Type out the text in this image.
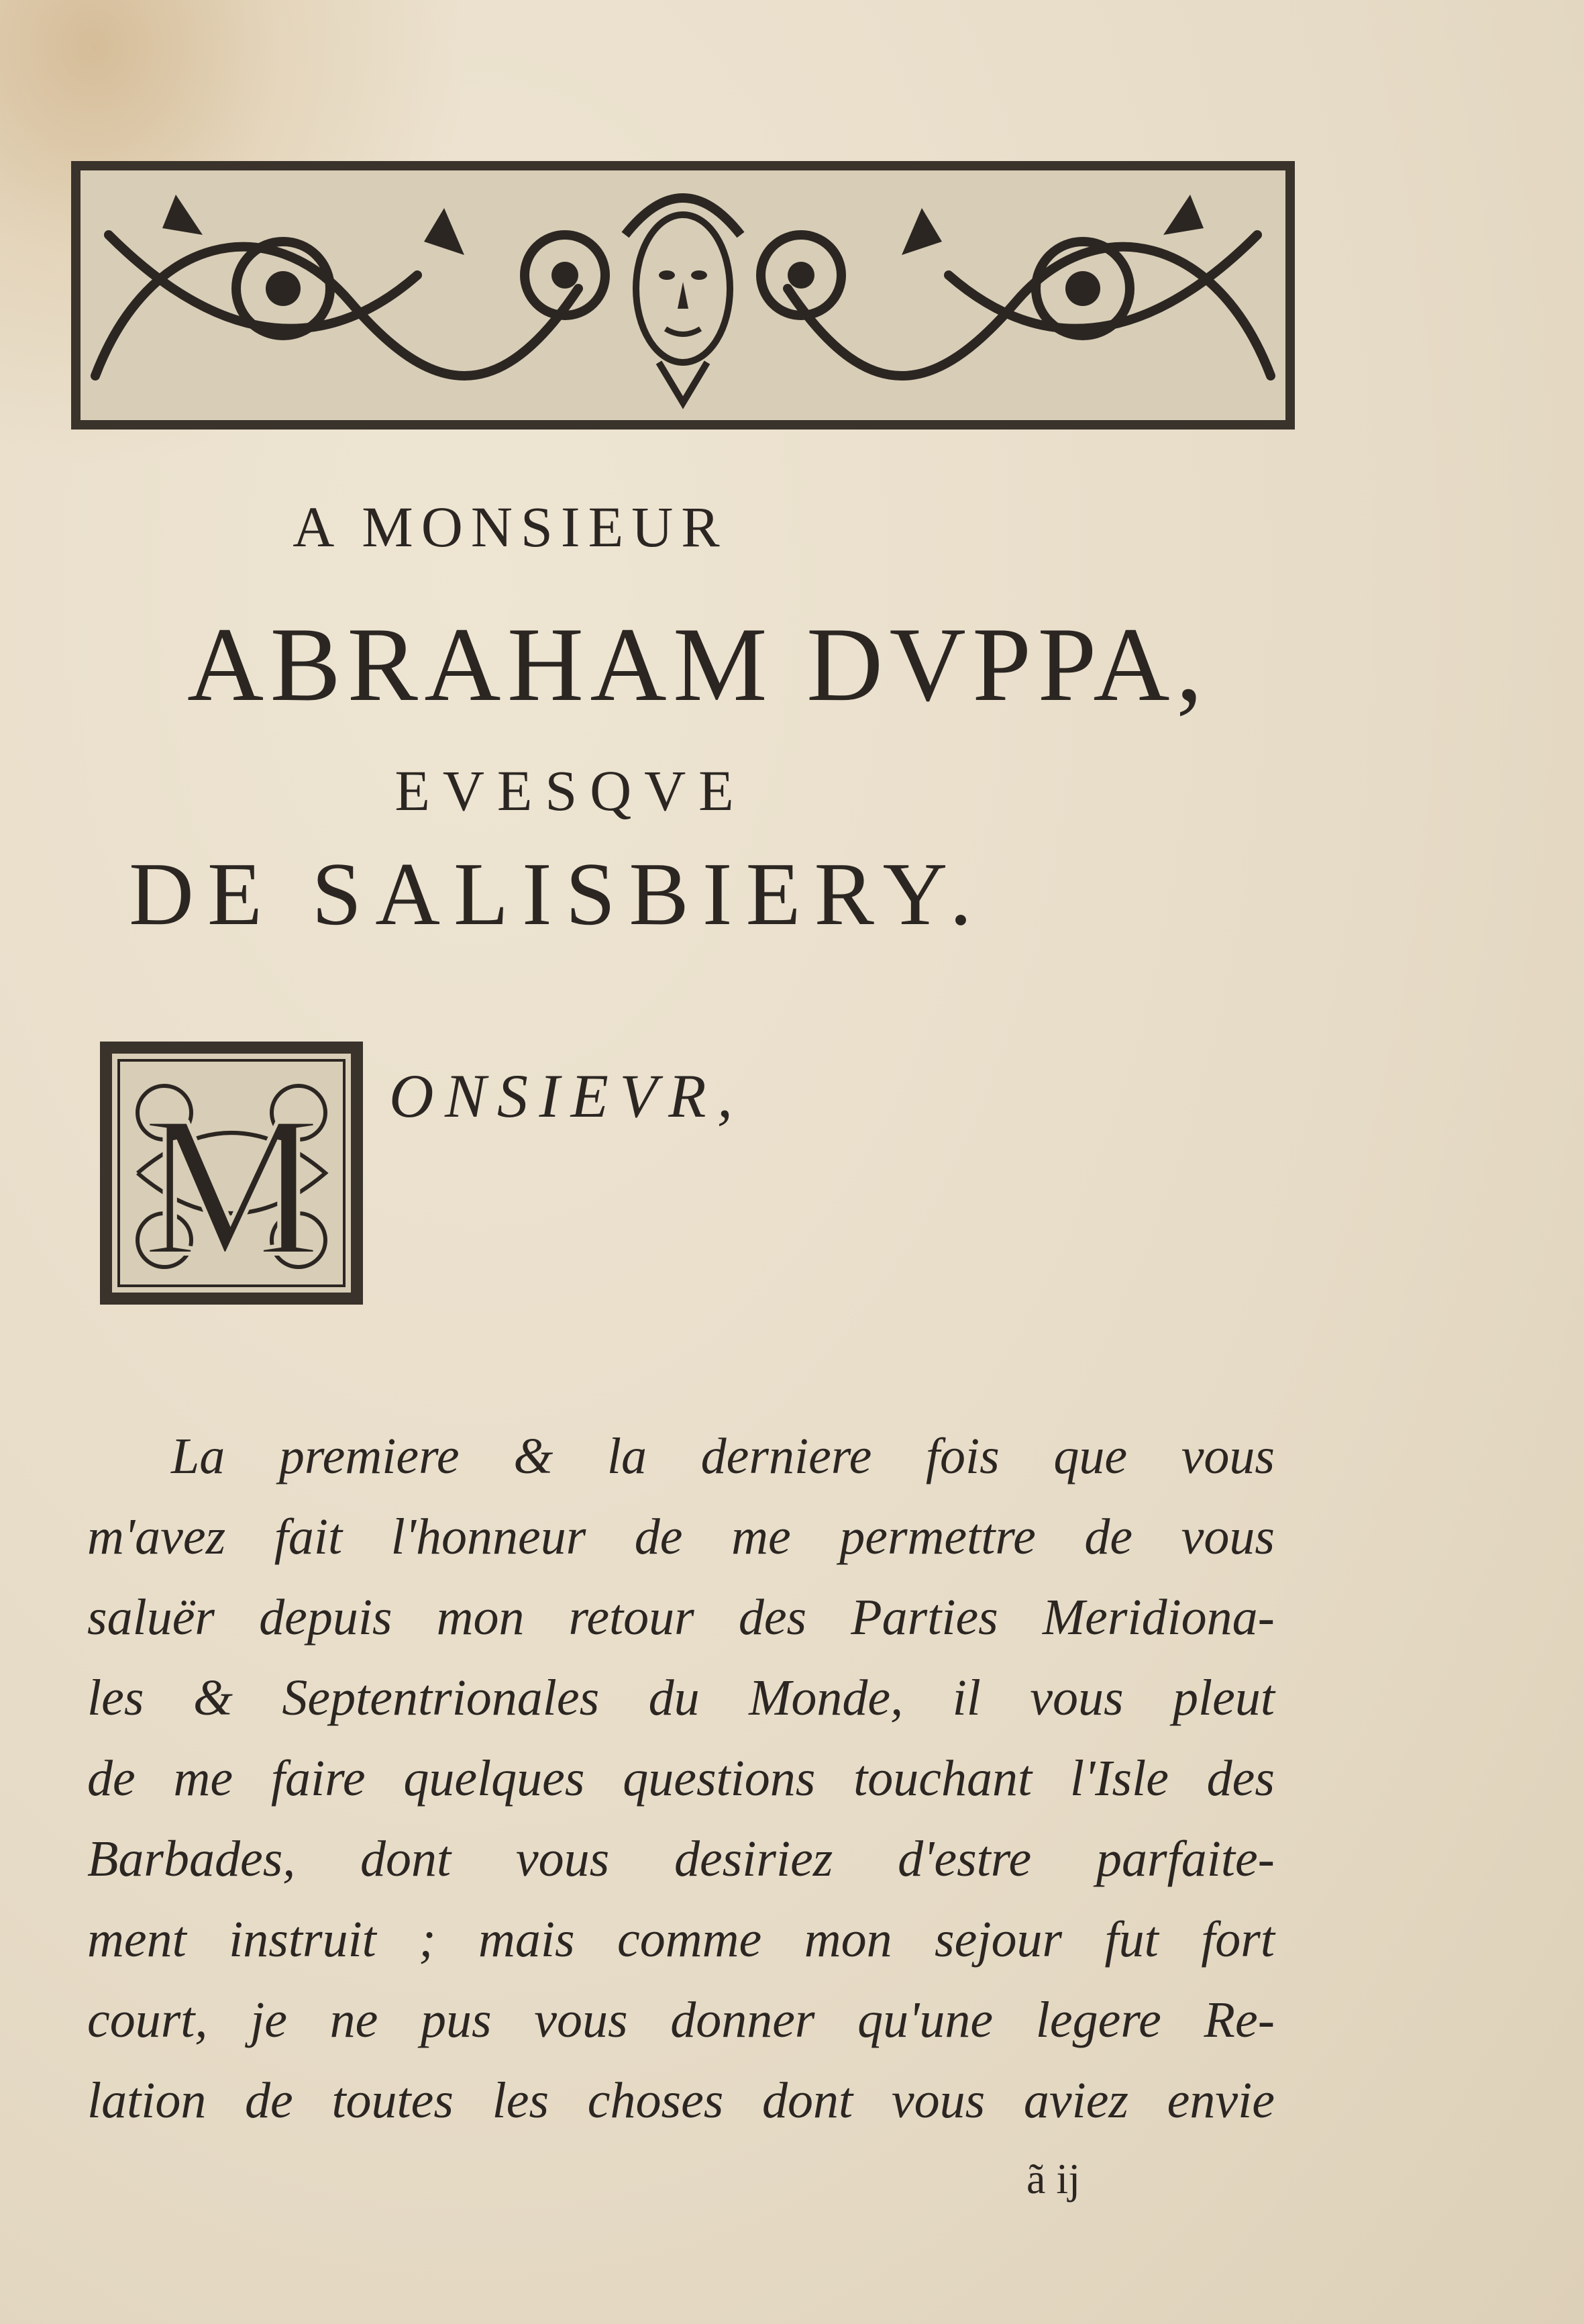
A MONSIEUR
ABRAHAM DVPPA,
EVESQVE
DE SALISBIERY.
M ONSIEVR,
La premiere & la derniere fois que vous
m'avez fait l'honneur de me permettre de vous
saluër depuis mon retour des Parties Meridiona-
les & Septentrionales du Monde, il vous pleut
de me faire quelques questions touchant l'Isle des
Barbades, dont vous desiriez d'estre parfaite-
ment instruit ; mais comme mon sejour fut fort
court, je ne pus vous donner qu'une legere Re-
lation de toutes les choses dont vous aviez envie
ã ij
